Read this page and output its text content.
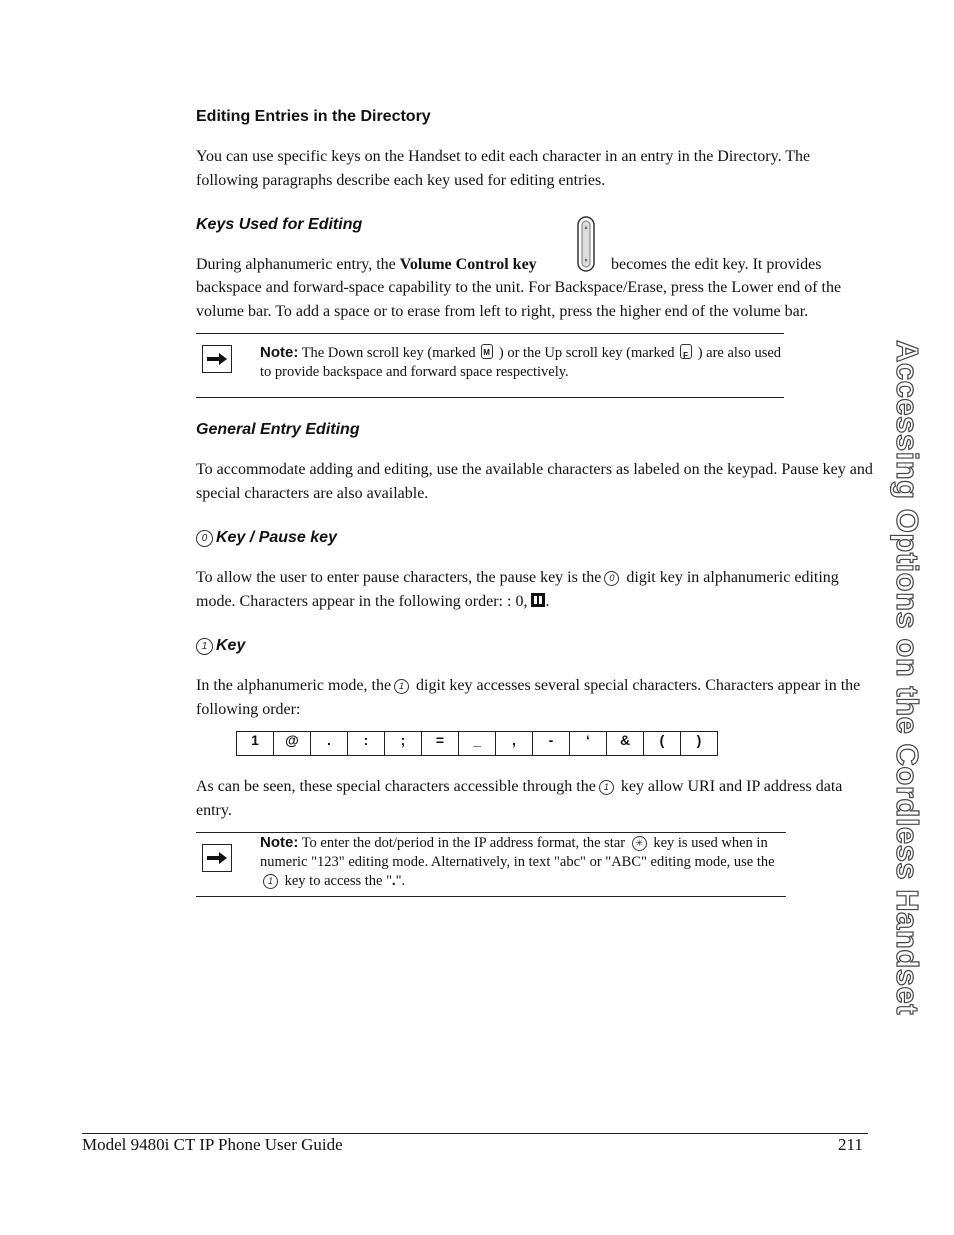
Editing Entries in the Directory
You can use specific keys on the Handset to edit each character in an entry in the Directory. The following paragraphs describe each key used for editing entries.
Keys Used for Editing
During alphanumeric entry, the Volume Control key	becomes the edit key. It provides
backspace and forward-space capability to the unit. For Backspace/Erase, press the Lower end of the volume bar. To add a space or to erase from left to right, press the higher end of the volume bar.
Note: The Down scroll key (marked M ) or the Up scroll key (marked F ) are also used to provide backspace and forward space respectively.
General Entry Editing
To accommodate adding and editing, use the available characters as labeled on the keypad. Pause key and special characters are also available.
0 Key / Pause key
To allow the user to enter pause characters, the pause key is the 0 digit key in alphanumeric editing mode. Characters appear in the following order: : 0, .
1 Key
In the alphanumeric mode, the 1 digit key accesses several special characters. Characters appear in the following order:
1	@	.	:	;	=	_	,	-	‘	&	(	)
As can be seen, these special characters accessible through the 1 key allow URI and IP address data entry.
Note: To enter the dot/period in the IP address format, the star ✳ key is used when in numeric "123" editing mode. Alternatively, in text "abc" or "ABC" editing mode, use the 1 key to access the ".".	Accessing Options on the Cordless Handset
Model 9480i CT IP Phone User Guide	211
